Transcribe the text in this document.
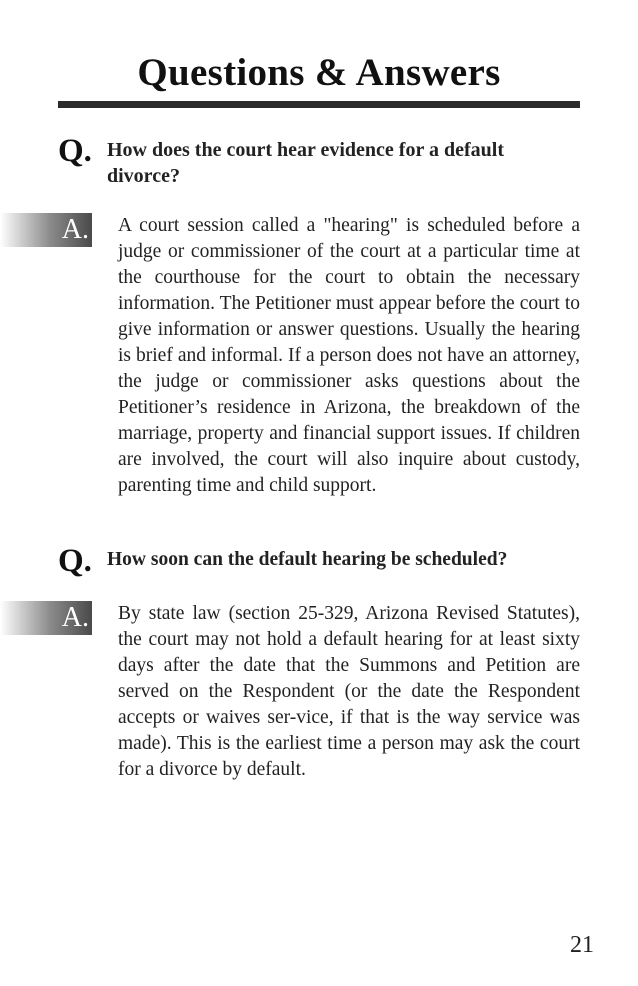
Questions & Answers
Q. How does the court hear evidence for a default divorce?
A. A court session called a "hearing" is scheduled before a judge or commissioner of the court at a particular time at the courthouse for the court to obtain the necessary information. The Petitioner must appear before the court to give information or answer questions. Usually the hearing is brief and informal. If a person does not have an attorney, the judge or commissioner asks questions about the Petitioner’s residence in Arizona, the breakdown of the marriage, property and financial support issues. If children are involved, the court will also inquire about custody, parenting time and child support.
Q. How soon can the default hearing be scheduled?
A. By state law (section 25-329, Arizona Revised Statutes), the court may not hold a default hearing for at least sixty days after the date that the Summons and Petition are served on the Respondent (or the date the Respondent accepts or waives ser-vice, if that is the way service was made). This is the earliest time a person may ask the court for a divorce by default.
21
